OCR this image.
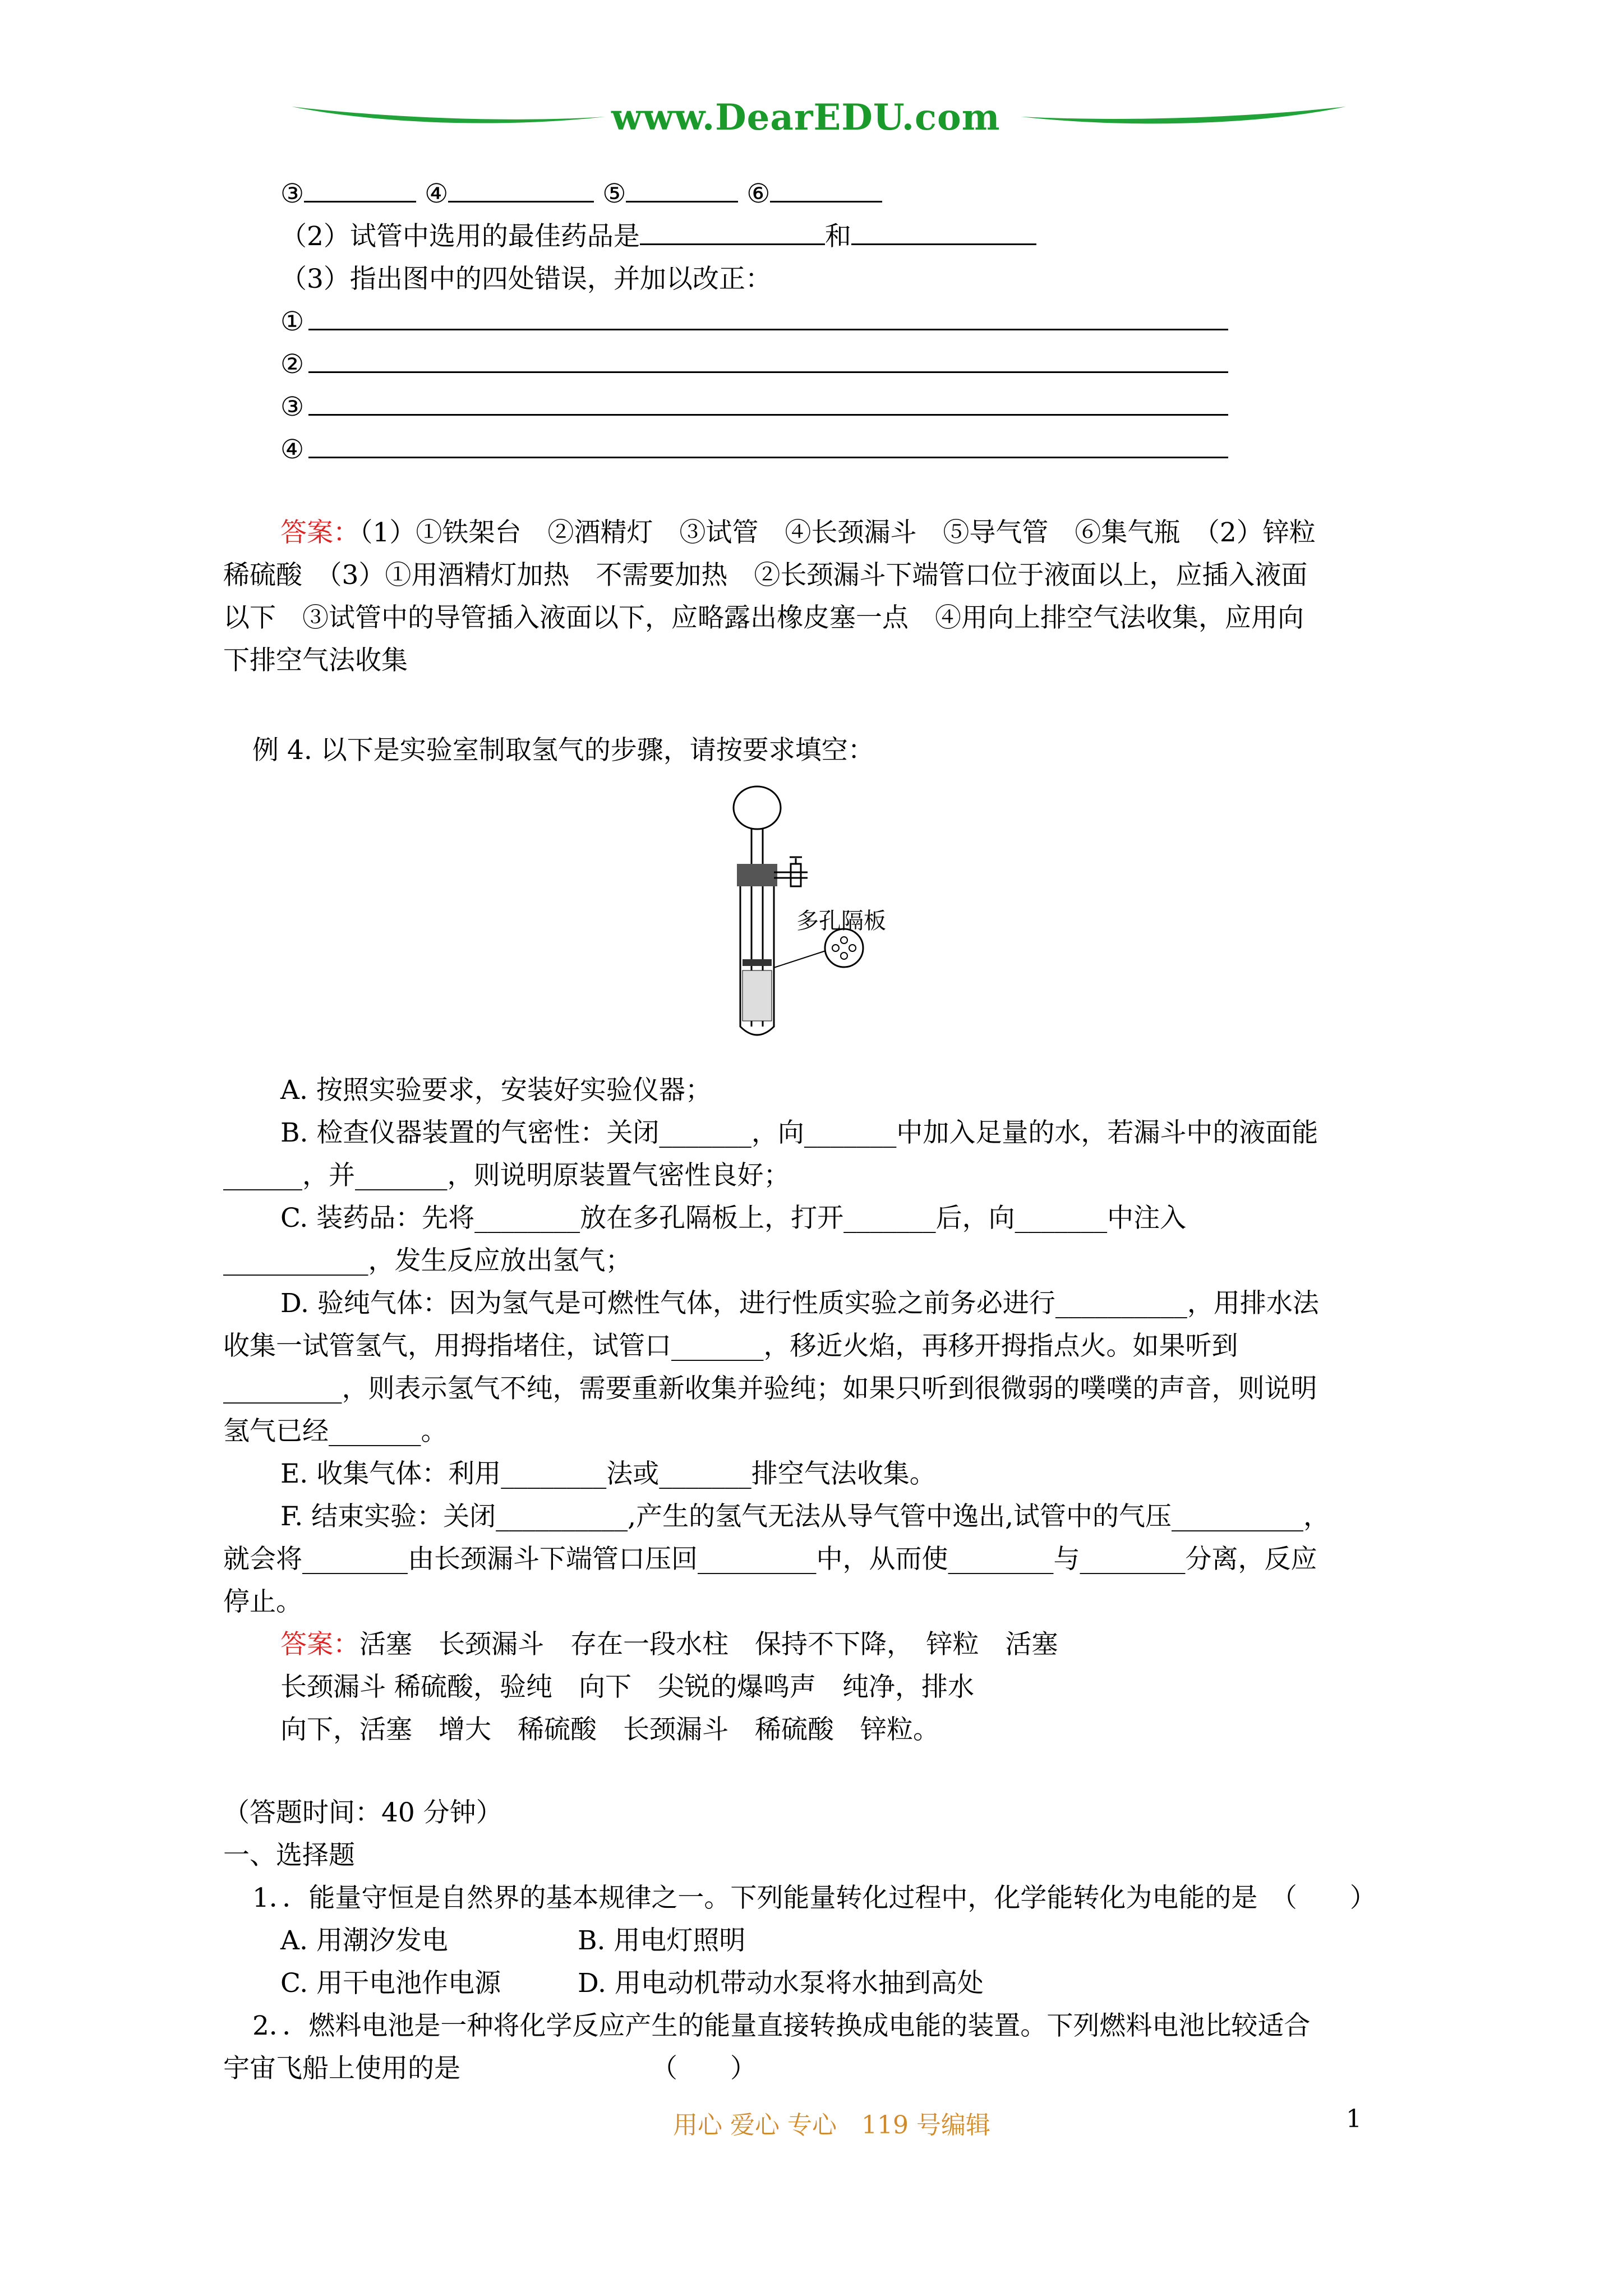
www.DearEDU.com
③	④	⑤	⑥
（2）试管中选用的最佳药品是	和
（3）指出图中的四处错误，并加以改正：
①
②
③
④
答案：（1）①铁架台　②酒精灯　③试管　④长颈漏斗　⑤导气管　⑥集气瓶　（2）锌粒
稀硫酸　（3）①用酒精灯加热　不需要加热　②长颈漏斗下端管口位于液面以上，应插入液面
以下　③试管中的导管插入液面以下，应略露出橡皮塞一点　④用向上排空气法收集，应用向
下排空气法收集
例 4. 以下是实验室制取氢气的步骤，请按要求填空：
多孔隔板
A. 按照实验要求，安装好实验仪器；
B. 检查仪器装置的气密性：关闭_______，向_______中加入足量的水，若漏斗中的液面能
______，并_______，则说明原装置气密性良好；
C. 装药品：先将________放在多孔隔板上，打开_______后，向_______中注入
___________，发生反应放出氢气；
D. 验纯气体：因为氢气是可燃性气体，进行性质实验之前务必进行__________，用排水法
收集一试管氢气，用拇指堵住，试管口_______，移近火焰，再移开拇指点火。如果听到
_________，则表示氢气不纯，需要重新收集并验纯；如果只听到很微弱的噗噗的声音，则说明
氢气已经_______。
E. 收集气体：利用________法或_______排空气法收集。
F. 结束实验：关闭__________,产生的氢气无法从导气管中逸出,试管中的气压__________，
就会将________由长颈漏斗下端管口压回_________中，从而使________与________分离，反应
停止。
答案：活塞　长颈漏斗　存在一段水柱　保持不下降，　锌粒　活塞
长颈漏斗 稀硫酸，验纯　向下　尖锐的爆鸣声　纯净，排水
向下，活塞　增大　稀硫酸　长颈漏斗　稀硫酸　锌粒。
（答题时间：40 分钟）
一、选择题
1．．能量守恒是自然界的基本规律之一。下列能量转化过程中，化学能转化为电能的是　（　　）
A. 用潮汐发电	B. 用电灯照明
C. 用干电池作电源	D. 用电动机带动水泵将水抽到高处
2．．燃料电池是一种将化学反应产生的能量直接转换成电能的装置。下列燃料电池比较适合
宇宙飞船上使用的是	（　　）
用心 爱心 专心　119 号编辑	1
